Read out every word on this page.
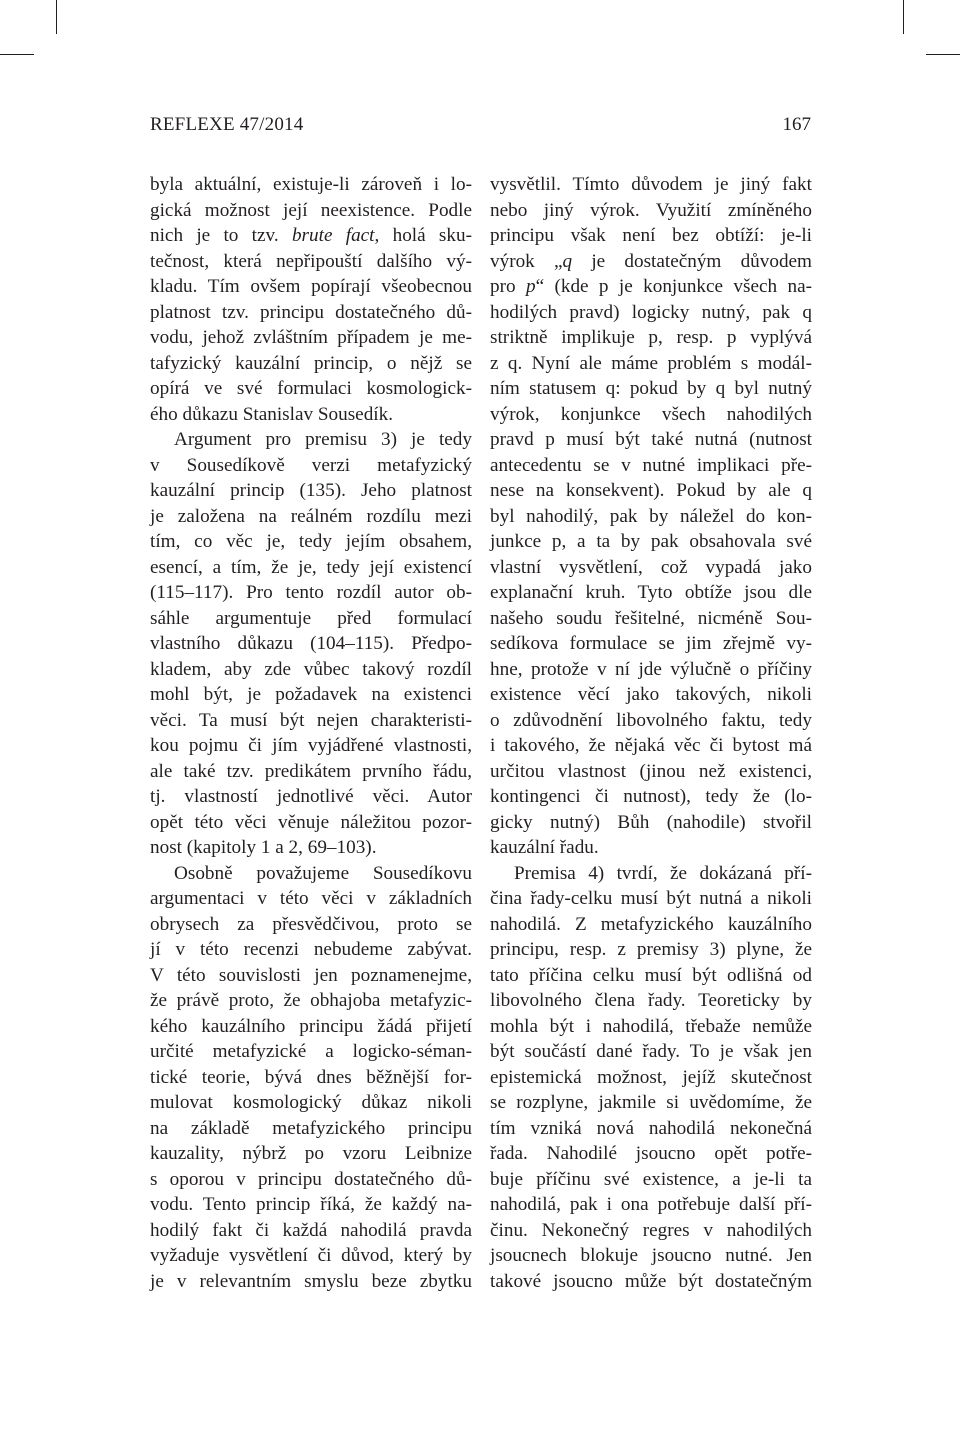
REFLEXE 47/2014	167
byla aktuální, existuje-li zároveň i lo-
gická možnost její neexistence. Podle
nich je to tzv. brute fact, holá sku-
tečnost, která nepřipouští dalšího vý-
kladu. Tím ovšem popírají všeobecnou
platnost tzv. principu dostatečného dů-
vodu, jehož zvláštním případem je me-
tafyzický kauzální princip, o nějž se
opírá ve své formulaci kosmologick-
ého důkazu Stanislav Sousedík.
Argument pro premisu 3) je tedy
v Sousedíkově verzi metafyzický
kauzální princip (135). Jeho platnost
je založena na reálném rozdílu mezi
tím, co věc je, tedy jejím obsahem,
esencí, a tím, že je, tedy její existencí
(115–117). Pro tento rozdíl autor ob-
sáhle argumentuje před formulací
vlastního důkazu (104–115). Předpo-
kladem, aby zde vůbec takový rozdíl
mohl být, je požadavek na existenci
věci. Ta musí být nejen charakteristi-
kou pojmu či jím vyjádřené vlastnosti,
ale také tzv. predikátem prvního řádu,
tj. vlastností jednotlivé věci. Autor
opět této věci věnuje náležitou pozor-
nost (kapitoly 1 a 2, 69–103).
Osobně považujeme Sousedíkovu
argumentaci v této věci v základních
obrysech za přesvědčivou, proto se
jí v této recenzi nebudeme zabývat.
V této souvislosti jen poznamenejme,
že právě proto, že obhajoba metafyzic-
kého kauzálního principu žádá přijetí
určité metafyzické a logicko-séman-
tické teorie, bývá dnes běžnější for-
mulovat kosmologický důkaz nikoli
na základě metafyzického principu
kauzality, nýbrž po vzoru Leibnize
s oporou v principu dostatečného dů-
vodu. Tento princip říká, že každý na-
hodilý fakt či každá nahodilá pravda
vyžaduje vysvětlení či důvod, který by
je v relevantním smyslu beze zbytku
vysvětlil. Tímto důvodem je jiný fakt
nebo jiný výrok. Využití zmíněného
principu však není bez obtíží: je-li
výrok „q je dostatečným důvodem
pro p“ (kde p je konjunkce všech na-
hodilých pravd) logicky nutný, pak q
striktně implikuje p, resp. p vyplývá
z q. Nyní ale máme problém s modál-
ním statusem q: pokud by q byl nutný
výrok, konjunkce všech nahodilých
pravd p musí být také nutná (nutnost
antecedentu se v nutné implikaci pře-
nese na konsekvent). Pokud by ale q
byl nahodilý, pak by náležel do kon-
junkce p, a ta by pak obsahovala své
vlastní vysvětlení, což vypadá jako
explanační kruh. Tyto obtíže jsou dle
našeho soudu řešitelné, nicméně Sou-
sedíkova formulace se jim zřejmě vy-
hne, protože v ní jde výlučně o příčiny
existence věcí jako takových, nikoli
o zdůvodnění libovolného faktu, tedy
i takového, že nějaká věc či bytost má
určitou vlastnost (jinou než existenci,
kontingenci či nutnost), tedy že (lo-
gicky nutný) Bůh (nahodile) stvořil
kauzální řadu.
Premisa 4) tvrdí, že dokázaná pří-
čina řady-celku musí být nutná a nikoli
nahodilá. Z metafyzického kauzálního
principu, resp. z premisy 3) plyne, že
tato příčina celku musí být odlišná od
libovolného člena řady. Teoreticky by
mohla být i nahodilá, třebaže nemůže
být součástí dané řady. To je však jen
epistemická možnost, jejíž skutečnost
se rozplyne, jakmile si uvědomíme, že
tím vzniká nová nahodilá nekonečná
řada. Nahodilé jsoucno opět potře-
buje příčinu své existence, a je-li ta
nahodilá, pak i ona potřebuje další pří-
činu. Nekonečný regres v nahodilých
jsoucnech blokuje jsoucno nutné. Jen
takové jsoucno může být dostatečným
